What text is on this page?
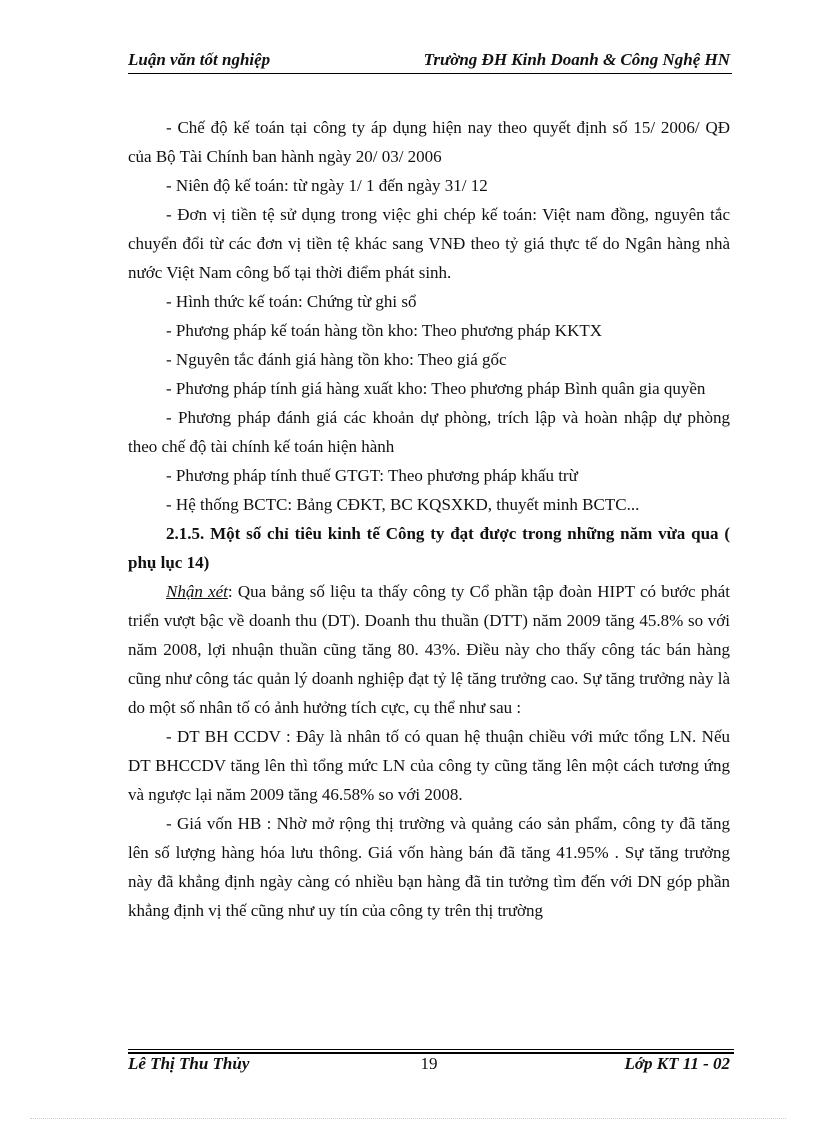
Luận văn tốt nghiệp	Trường ĐH Kinh Doanh & Công Nghệ HN

- Chế độ kế toán tại công ty áp dụng hiện nay theo quyết định số 15/ 2006/ QĐ của Bộ Tài Chính ban hành ngày 20/ 03/ 2006

- Niên độ kế toán: từ ngày 1/ 1 đến ngày 31/ 12

- Đơn vị tiền tệ sử dụng trong việc ghi chép kế toán: Việt nam đồng, nguyên tắc chuyển đổi từ các đơn vị tiền tệ khác sang VNĐ theo tỷ giá thực tế do Ngân hàng nhà nước Việt Nam công bố tại thời điểm phát sinh.

- Hình thức kế toán: Chứng từ ghi sổ

- Phương pháp kế toán hàng tồn kho: Theo phương pháp KKTX

- Nguyên tắc đánh giá hàng tồn kho: Theo giá gốc

- Phương pháp tính giá hàng xuất kho: Theo phương pháp Bình quân gia quyền

- Phương pháp đánh giá các khoản dự phòng, trích lập và hoàn nhập dự phòng theo chế độ tài chính kế toán hiện hành

- Phương pháp tính thuế GTGT: Theo phương pháp khấu trừ

- Hệ thống BCTC: Bảng CĐKT, BC KQSXKD, thuyết minh BCTC...

2.1.5. Một số chỉ tiêu kinh tế Công ty đạt được trong những năm vừa qua ( phụ lục 14)

Nhận xét: Qua bảng số liệu ta thấy công ty Cổ phần tập đoàn HIPT có bước phát triển vượt bậc về doanh thu (DT). Doanh thu thuần (DTT) năm 2009 tăng 45.8% so với năm 2008, lợi nhuận thuần cũng tăng 80. 43%. Điều này cho thấy công tác bán hàng cũng như công tác quản lý doanh nghiệp đạt tỷ lệ tăng trưởng cao. Sự tăng trưởng này là do một số nhân tố có ảnh hưởng tích cực, cụ thể như sau :

- DT BH CCDV : Đây là nhân tố có quan hệ thuận chiều với mức tổng LN. Nếu DT BHCCDV tăng lên thì tổng mức LN của công ty cũng tăng lên một cách tương ứng và ngược lại năm 2009 tăng 46.58% so với 2008.

- Giá vốn HB : Nhờ mở rộng thị trường và quảng cáo sản phẩm, công ty đã tăng lên số lượng hàng hóa lưu thông. Giá vốn hàng bán đã tăng 41.95% . Sự tăng trưởng này đã khẳng định ngày càng có nhiều bạn hàng đã tin tưởng tìm đến với DN góp phần khẳng định vị thế cũng như uy tín của công ty trên thị trường

Lê Thị Thu Thủy	19	Lớp KT 11 - 02
